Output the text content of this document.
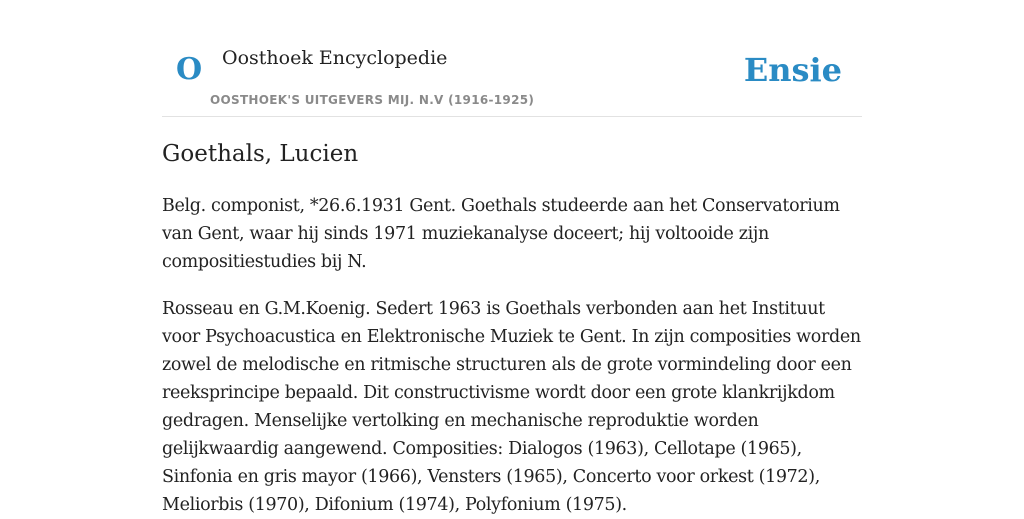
O Oosthoek Encyclopedie
OOSTHOEK'S UITGEVERS MIJ. N.V (1916-1925)
Ensie
Goethals, Lucien

Belg. componist, *26.6.1931 Gent. Goethals studeerde aan het Conservatorium van Gent, waar hij sinds 1971 muziekanalyse doceert; hij voltooide zijn compositiestudies bij N.

Rosseau en G.M.Koenig. Sedert 1963 is Goethals verbonden aan het Instituut voor Psychoacustica en Elektronische Muziek te Gent. In zijn composities worden zowel de melodische en ritmische structuren als de grote vormindeling door een reeksprincipe bepaald. Dit constructivisme wordt door een grote klankrijkdom gedragen. Menselijke vertolking en mechanische reproduktie worden gelijkwaardig aangewend. Composities: Dialogos (1963), Cellotape (1965), Sinfonia en gris mayor (1966), Vensters (1965), Concerto voor orkest (1972), Meliorbis (1970), Difonium (1974), Polyfonium (1975).
